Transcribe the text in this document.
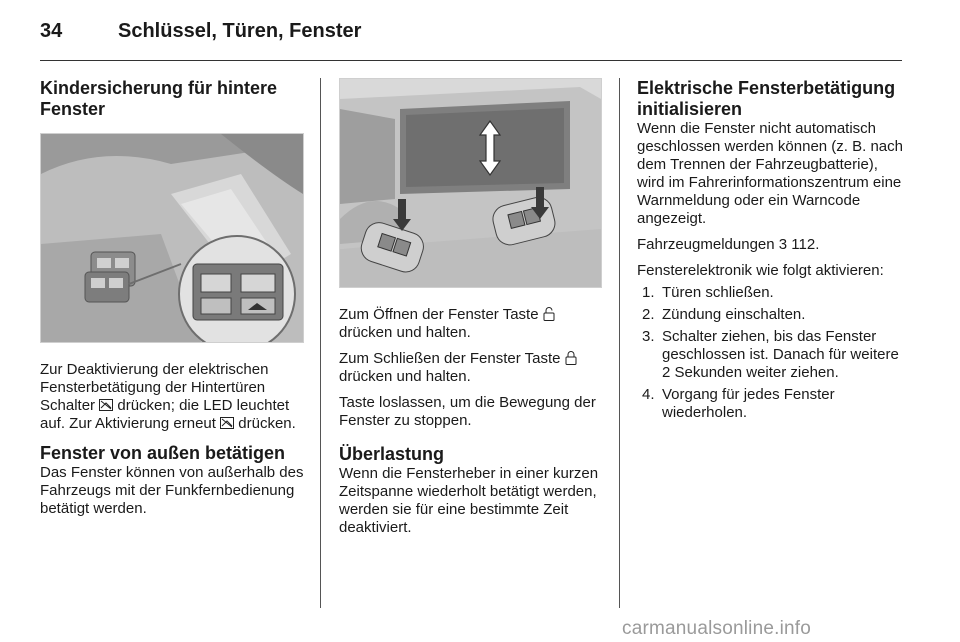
34	Schlüssel, Türen, Fenster
Kindersicherung für hintere
Fenster

Zur Deaktivierung der elektrischen Fensterbetätigung der Hintertüren Schalter drücken; die LED leuchtet auf. Zur Aktivierung erneut drücken.

Fenster von außen betätigen

Das Fenster können von außerhalb des Fahrzeugs mit der Funkfernbedienung betätigt werden.

Zum Öffnen der Fenster Taste  drücken und halten.

Zum Schließen der Fenster Taste  drücken und halten.

Taste loslassen, um die Bewegung der Fenster zu stoppen.

Überlastung

Wenn die Fensterheber in einer kurzen Zeitspanne wiederholt betätigt werden, werden sie für eine bestimmte Zeit deaktiviert.

Elektrische Fensterbetätigung
initialisieren

Wenn die Fenster nicht automatisch geschlossen werden können (z. B. nach dem Trennen der Fahrzeugbatterie), wird im Fahrerinformationszentrum eine Warnmeldung oder ein Warncode angezeigt.

Fahrzeugmeldungen 3 112.

Fensterelektronik wie folgt aktivieren:

1. Türen schließen.
2. Zündung einschalten.
3. Schalter ziehen, bis das Fenster geschlossen ist. Danach für weitere 2 Sekunden weiter ziehen.
4. Vorgang für jedes Fenster wiederholen.
carmanualsonline.info
